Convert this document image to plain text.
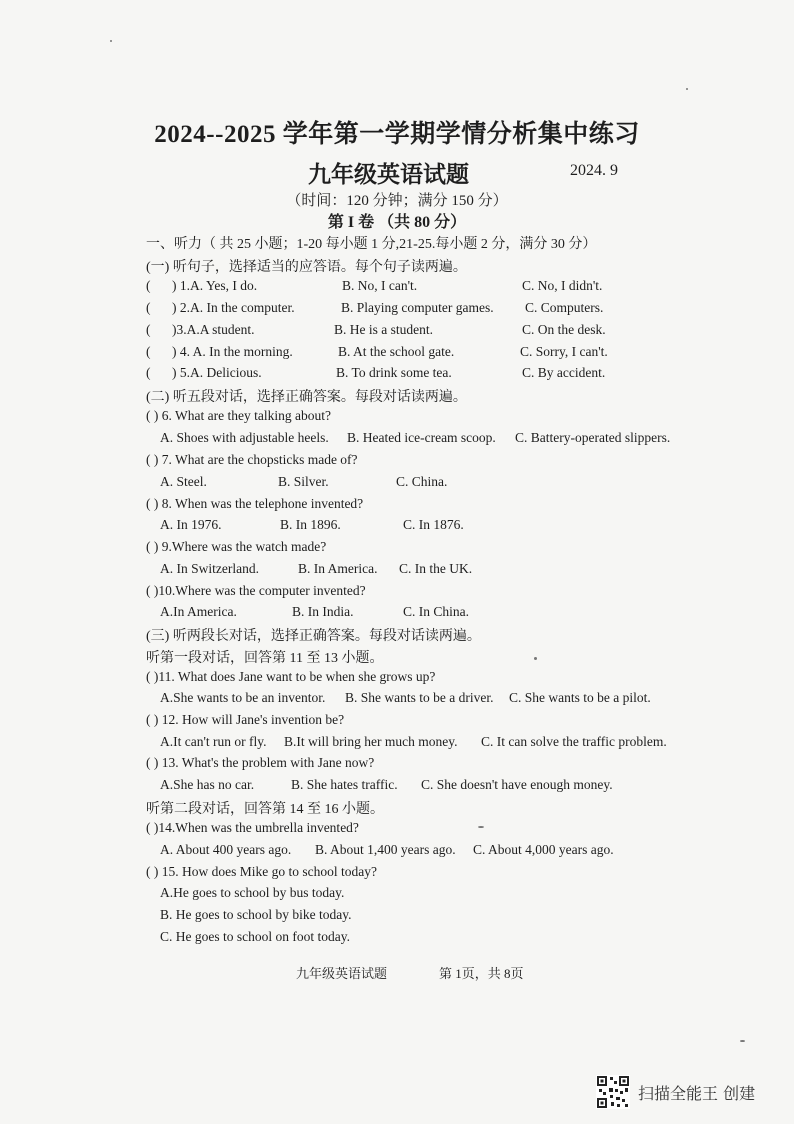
2024--2025 学年第一学期学情分析集中练习
九年级英语试题	2024. 9
（时间：120 分钟；满分 150 分）
第 I 卷 （共 80 分）
一、听力（ 共 25 小题；1-20 每小题 1 分,21-25.每小题 2 分，满分 30 分）
(一) 听句子，选择适当的应答语。每个句子读两遍。
( ) 1.A. Yes, I do.	B. No, I can't.	C. No, I didn't.
( ) 2.A. In the computer.	B. Playing computer games. C. Computers.
( )3.A.A student.	B. He is a student.	C. On the desk.
( ) 4. A. In the morning.	B. At the school gate.	C. Sorry, I can't.
( ) 5.A. Delicious.	B. To drink some tea.	C. By accident.
(二) 听五段对话，选择正确答案。每段对话读两遍。
( ) 6. What are they talking about?
A. Shoes with adjustable heels. B. Heated ice-cream scoop. C. Battery-operated slippers.
( ) 7. What are the chopsticks made of?
A. Steel.	B. Silver.	C. China.
( ) 8. When was the telephone invented?
A. In 1976.	B. In 1896.	C. In 1876.
( ) 9.Where was the watch made?
A. In Switzerland.	B. In America. C. In the UK.
( )10.Where was the computer invented?
A.In America.	B. In India.	C. In China.
(三) 听两段长对话，选择正确答案。每段对话读两遍。
听第一段对话，回答第 11 至 13 小题。
( )11. What does Jane want to be when she grows up?
A.She wants to be an inventor. B. She wants to be a driver. C. She wants to be a pilot.
( ) 12. How will Jane's invention be?
A.It can't run or fly. B.It will bring her much money. C. It can solve the traffic problem.
( ) 13. What's the problem with Jane now?
A.She has no car.	B. She hates traffic. C. She doesn't have enough money.
听第二段对话，回答第 14 至 16 小题。
( )14.When was the umbrella invented?
A. About 400 years ago. B. About 1,400 years ago. C. About 4,000 years ago.
( ) 15. How does Mike go to school today?
A.He goes to school by bus today.
B. He goes to school by bike today.
C. He goes to school on foot today.
九年级英语试题	第 1页，共 8页
扫描全能王 创建
